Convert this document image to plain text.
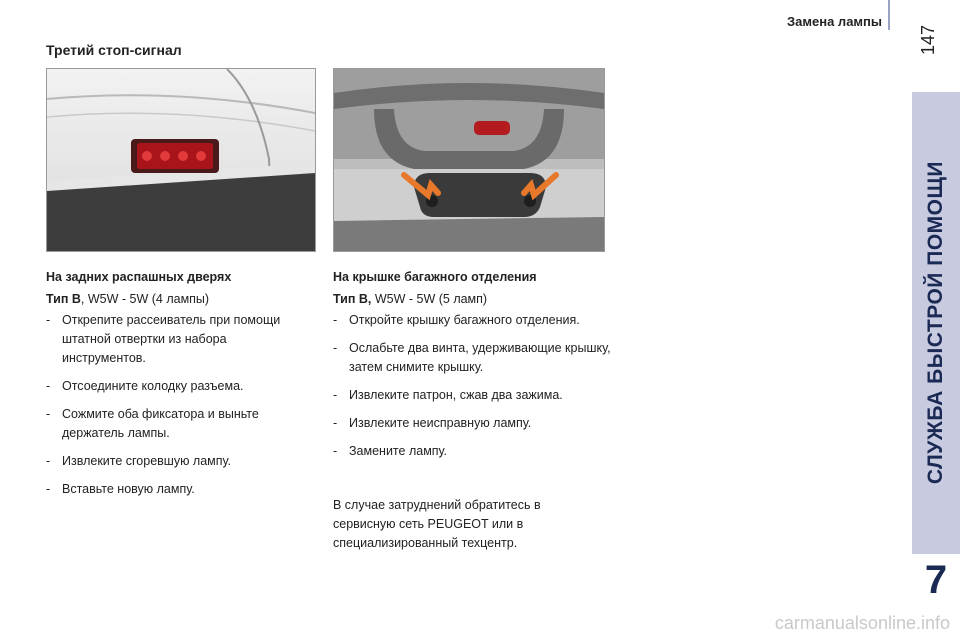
Замена лампы
147
СЛУЖБА БЫСТРОЙ ПОМОЩИ
7
Третий стоп-сигнал
На задних распашных дверях
Тип В, W5W - 5W (4 лампы)
- Открепите рассеиватель при помощи штатной отвертки из набора инструментов.
- Отсоедините колодку разъема.
- Сожмите оба фиксатора и выньте держатель лампы.
- Извлеките сгоревшую лампу.
- Вставьте новую лампу.
На крышке багажного отделения
Тип В, W5W - 5W (5 ламп)
- Откройте крышку багажного отделения.
- Ослабьте два винта, удерживающие крышку, затем снимите крышку.
- Извлеките патрон, сжав два зажима.
- Извлеките неисправную лампу.
- Замените лампу.
В случае затруднений обратитесь в сервисную сеть PEUGEOT или в специализированный техцентр.
carmanualsonline.info
